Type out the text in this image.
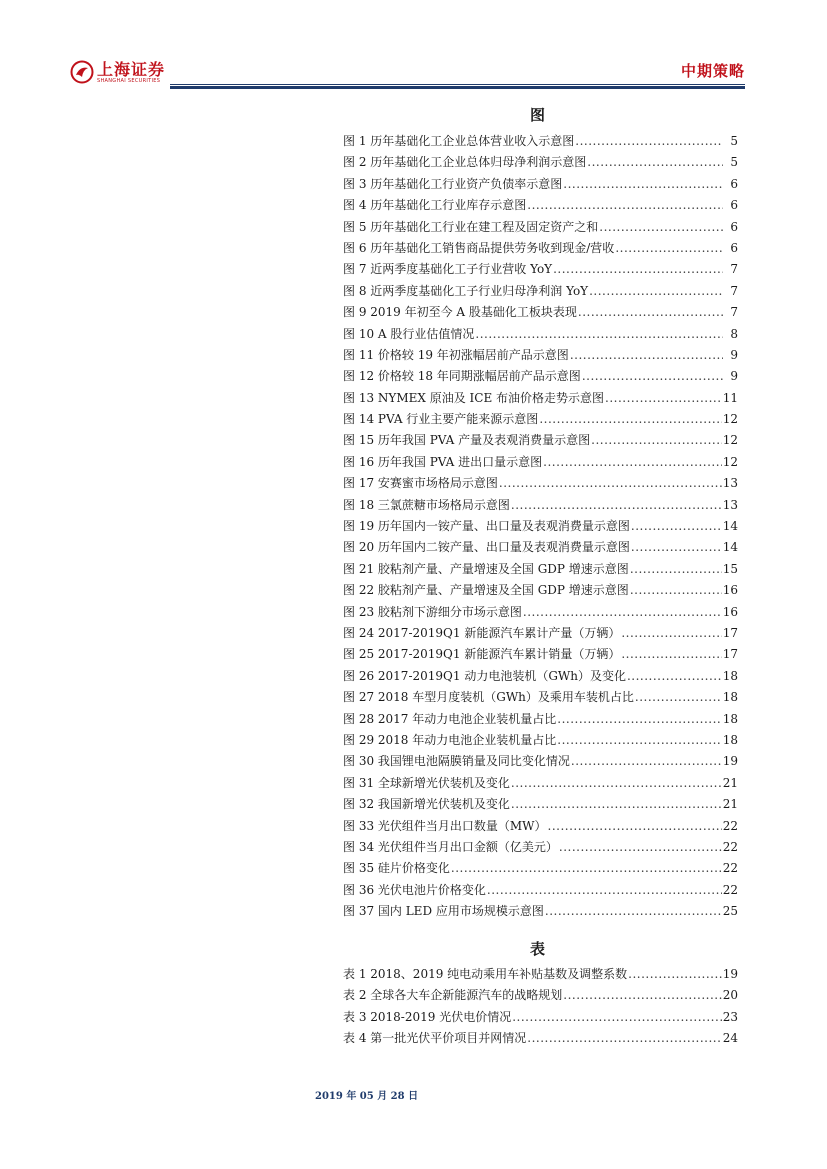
上海证券
SHANGHAI SECURITIES
中期策略
图
图 1 历年基础化工企业总体营业收入示意图 .....	5
图 2 历年基础化工企业总体归母净利润示意图 .....	5
图 3 历年基础化工行业资产负债率示意图 .....	6
图 4 历年基础化工行业库存示意图 .....	6
图 5 历年基础化工行业在建工程及固定资产之和 .....	6
图 6 历年基础化工销售商品提供劳务收到现金/营收 .....	6
图 7 近两季度基础化工子行业营收 YoY .....	7
图 8 近两季度基础化工子行业归母净利润 YoY .....	7
图 9 2019 年初至今 A 股基础化工板块表现 .....	7
图 10 A 股行业估值情况 .....	8
图 11 价格较 19 年初涨幅居前产品示意图 .....	9
图 12 价格较 18 年同期涨幅居前产品示意图 .....	9
图 13 NYMEX 原油及 ICE 布油价格走势示意图 .....	11
图 14 PVA 行业主要产能来源示意图 .....	12
图 15 历年我国 PVA 产量及表观消费量示意图 .....	12
图 16 历年我国 PVA 进出口量示意图 .....	12
图 17 安赛蜜市场格局示意图 .....	13
图 18 三氯蔗糖市场格局示意图 .....	13
图 19 历年国内一铵产量、出口量及表观消费量示意图 .....	14
图 20 历年国内二铵产量、出口量及表观消费量示意图 .....	14
图 21 胶粘剂产量、产量增速及全国 GDP 增速示意图 .....	15
图 22 胶粘剂产量、产量增速及全国 GDP 增速示意图 .....	16
图 23 胶粘剂下游细分市场示意图 .....	16
图 24 2017-2019Q1 新能源汽车累计产量（万辆） .....	17
图 25 2017-2019Q1 新能源汽车累计销量（万辆） .....	17
图 26 2017-2019Q1 动力电池装机（GWh）及变化 .....	18
图 27 2018 车型月度装机（GWh）及乘用车装机占比 .....	18
图 28 2017 年动力电池企业装机量占比 .....	18
图 29 2018 年动力电池企业装机量占比 .....	18
图 30 我国锂电池隔膜销量及同比变化情况 .....	19
图 31 全球新增光伏装机及变化 .....	21
图 32 我国新增光伏装机及变化 .....	21
图 33 光伏组件当月出口数量（MW） .....	22
图 34 光伏组件当月出口金额（亿美元） .....	22
图 35 硅片价格变化 .....	22
图 36 光伏电池片价格变化 .....	22
图 37 国内 LED 应用市场规模示意图 .....	25
表
表 1 2018、2019 纯电动乘用车补贴基数及调整系数 .....	19
表 2 全球各大车企新能源汽车的战略规划 .....	20
表 3 2018-2019 光伏电价情况 .....	23
表 4 第一批光伏平价项目并网情况 .....	24
2019 年 05 月 28 日
